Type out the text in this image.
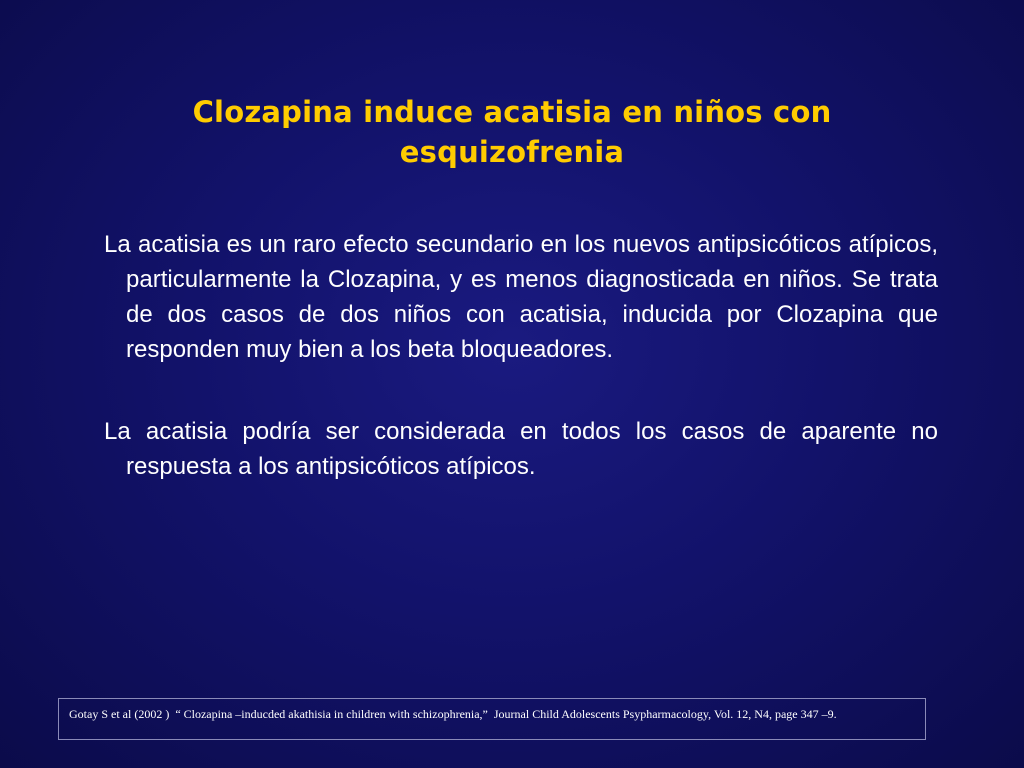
Clozapina induce acatisia en niños con esquizofrenia

La acatisia es un raro efecto secundario en los nuevos antipsicóticos atípicos, particularmente la Clozapina, y es menos diagnosticada en niños. Se trata de dos casos de dos niños con acatisia, inducida por Clozapina que responden muy bien a los beta bloqueadores.

La acatisia podría ser considerada en todos los casos de aparente no respuesta a los antipsicóticos atípicos.

Gotay S et al (2002 )  “ Clozapina –inducded akathisia in children with schizophrenia,”  Journal Child Adolescents Psypharmacology, Vol. 12, N4, page 347 –9.
